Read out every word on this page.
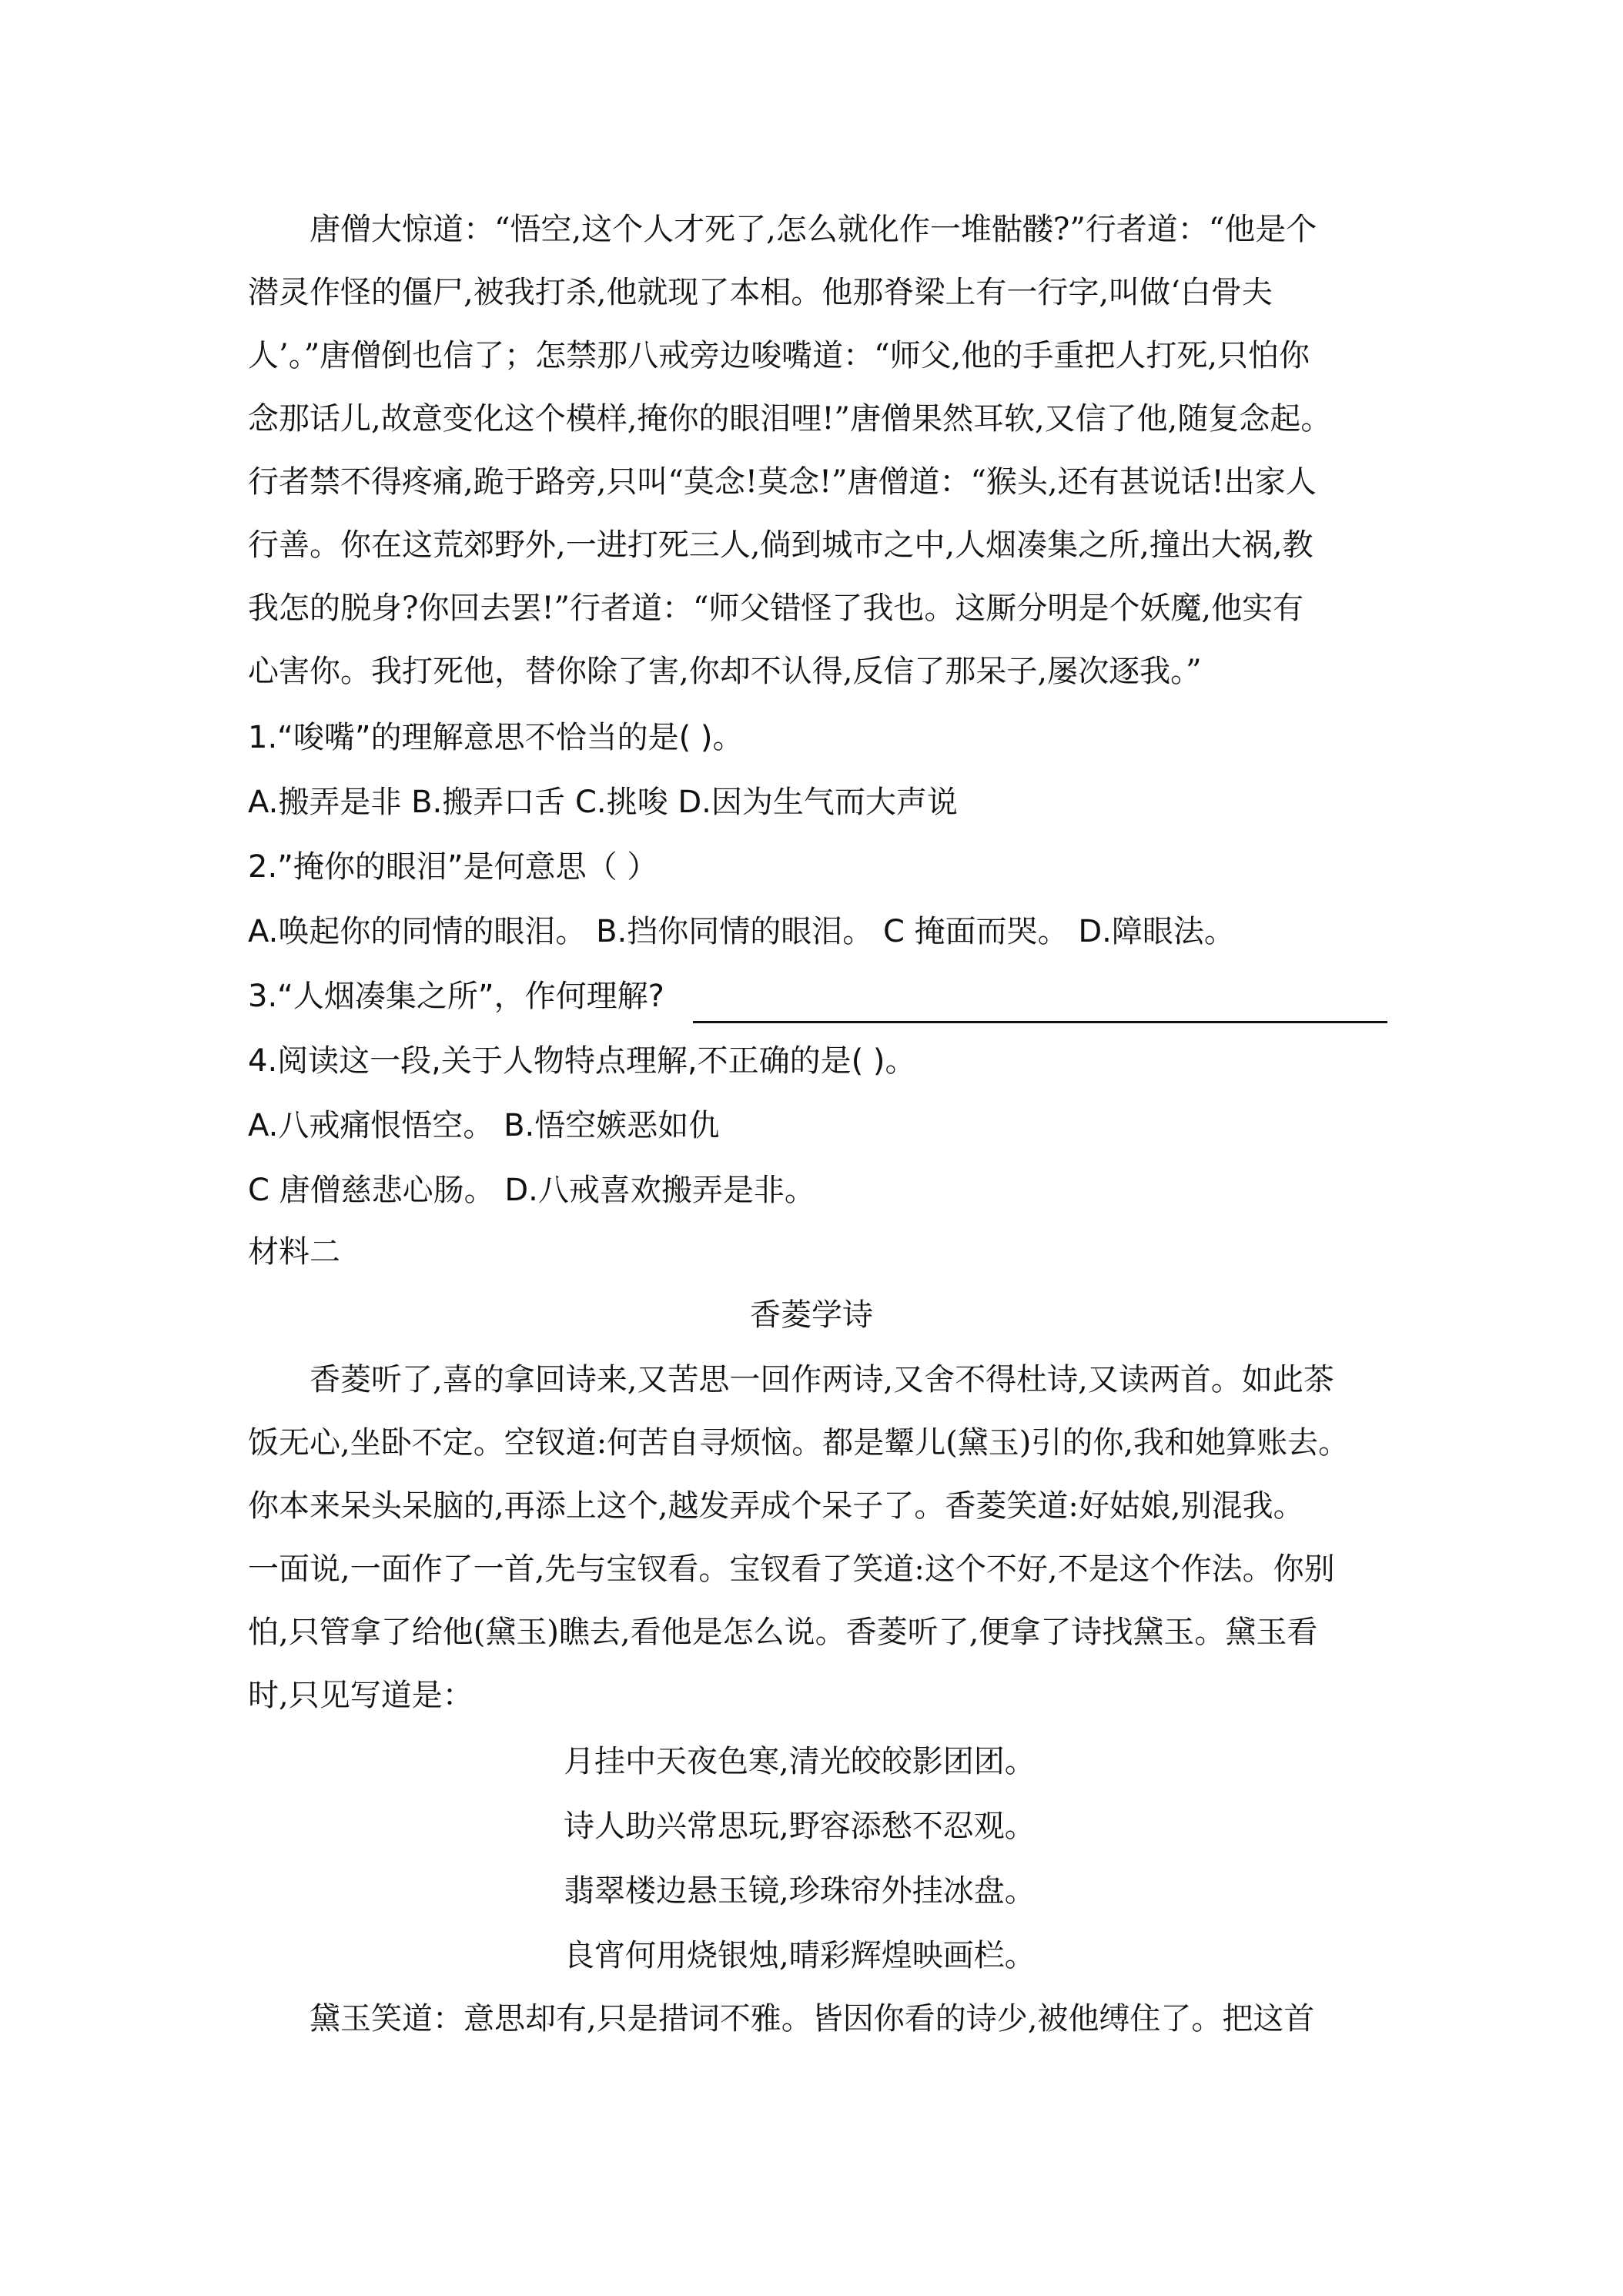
唐僧大惊道：“悟空,这个人才死了,怎么就化作一堆骷髅?”行者道：“他是个
潜灵作怪的僵尸,被我打杀,他就现了本相。他那脊梁上有一行字,叫做‘白骨夫
人’。”唐僧倒也信了；怎禁那八戒旁边唆嘴道：“师父,他的手重把人打死,只怕你
念那话儿,故意变化这个模样,掩你的眼泪哩!”唐僧果然耳软,又信了他,随复念起。
行者禁不得疼痛,跪于路旁,只叫“莫念!莫念!”唐僧道：“猴头,还有甚说话!出家人
行善。你在这荒郊野外,一进打死三人,倘到城市之中,人烟凑集之所,撞出大祸,教
我怎的脱身?你回去罢!”行者道：“师父错怪了我也。这厮分明是个妖魔,他实有
心害你。我打死他，替你除了害,你却不认得,反信了那呆子,屡次逐我。”
1.“唆嘴”的理解意思不恰当的是( )。
A.搬弄是非 B.搬弄口舌 C.挑唆 D.因为生气而大声说
2.”掩你的眼泪”是何意思（ ）
A.唤起你的同情的眼泪。 B.挡你同情的眼泪。 C 掩面而哭。 D.障眼法。
3.“人烟凑集之所”，作何理解?
4.阅读这一段,关于人物特点理解,不正确的是( )。
A.八戒痛恨悟空。 B.悟空嫉恶如仇
C 唐僧慈悲心肠。 D.八戒喜欢搬弄是非。
材料二
香菱学诗
香菱听了,喜的拿回诗来,又苦思一回作两诗,又舍不得杜诗,又读两首。如此茶
饭无心,坐卧不定。空钗道:何苦自寻烦恼。都是颦儿(黛玉)引的你,我和她算账去。
你本来呆头呆脑的,再添上这个,越发弄成个呆子了。香菱笑道:好姑娘,别混我。
一面说,一面作了一首,先与宝钗看。宝钗看了笑道:这个不好,不是这个作法。你别
怕,只管拿了给他(黛玉)瞧去,看他是怎么说。香菱听了,便拿了诗找黛玉。黛玉看
时,只见写道是：
月挂中天夜色寒,清光皎皎影团团。
诗人助兴常思玩,野容添愁不忍观。
翡翠楼边悬玉镜,珍珠帘外挂冰盘。
良宵何用烧银烛,晴彩辉煌映画栏。
黛玉笑道：意思却有,只是措词不雅。皆因你看的诗少,被他缚住了。把这首
